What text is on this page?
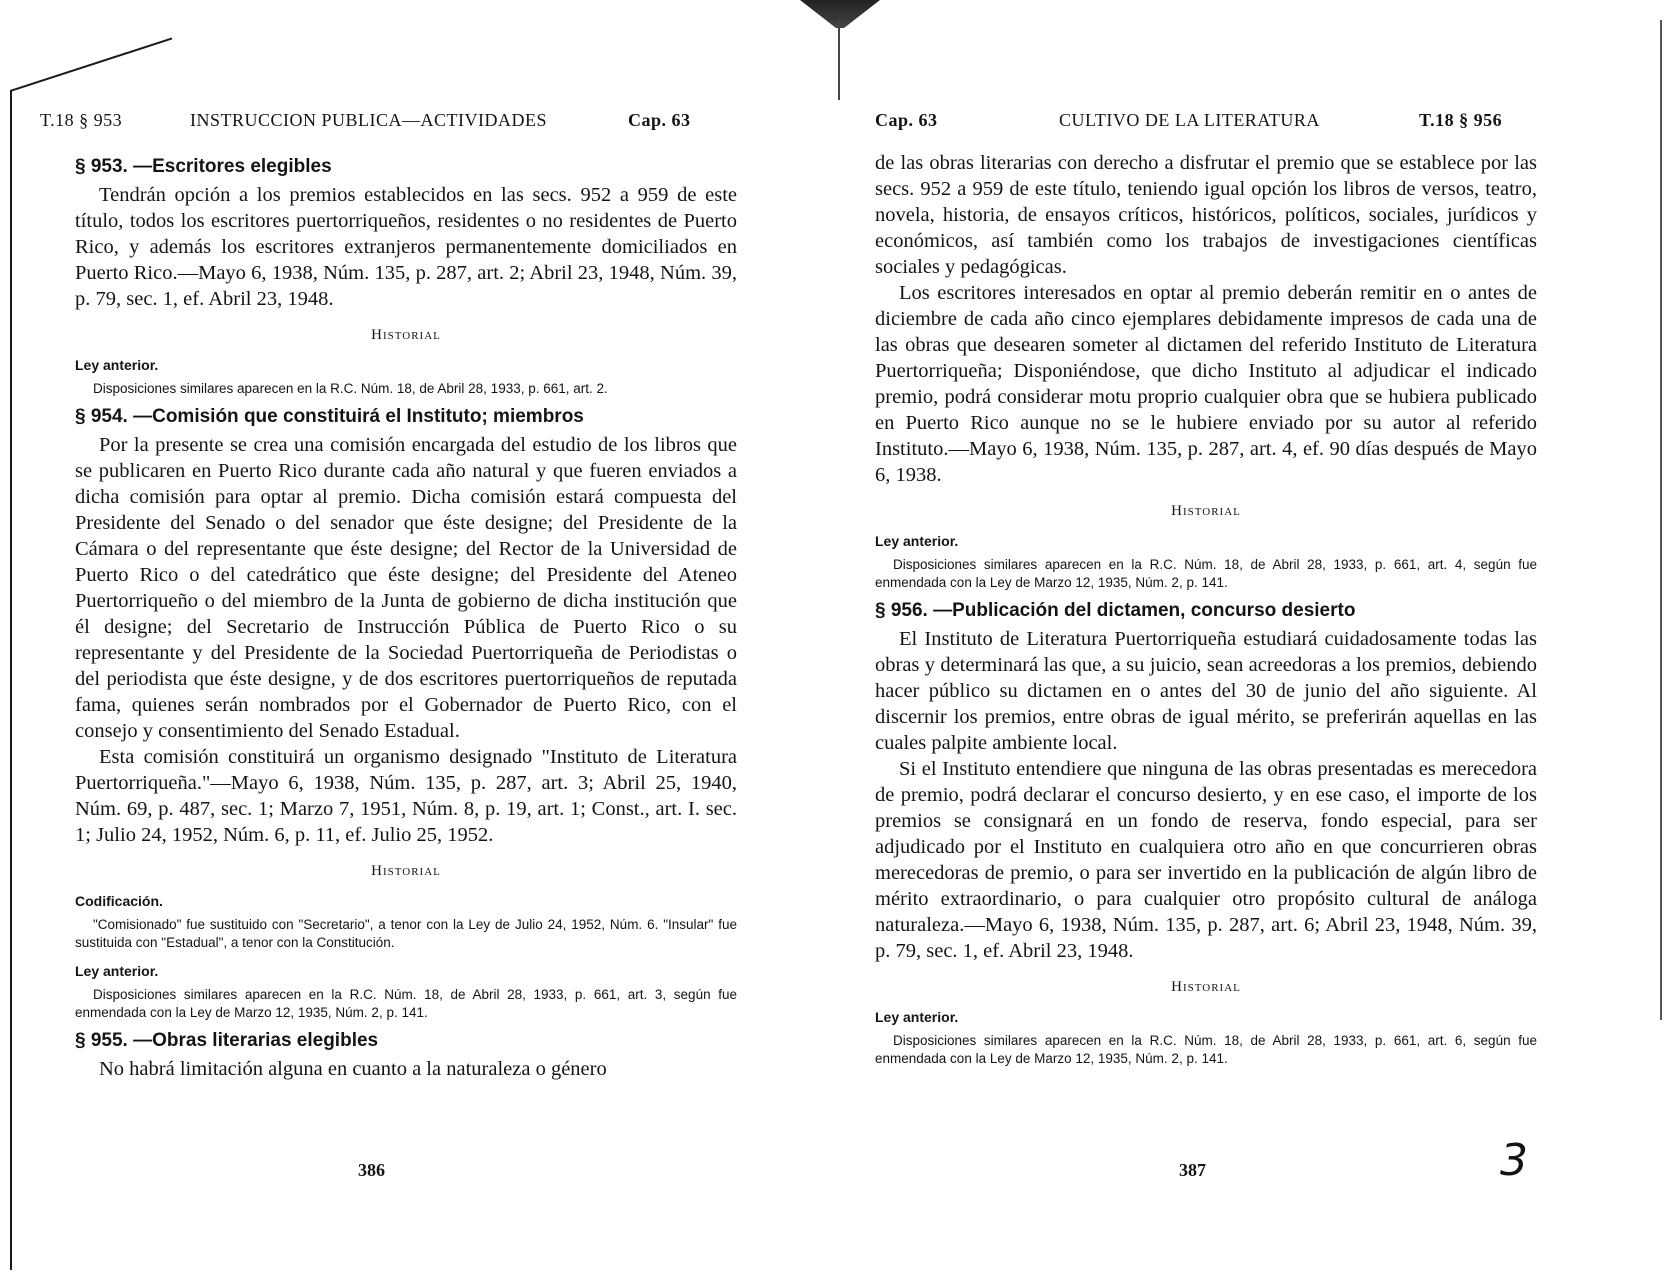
T.18 § 953	INSTRUCCION PUBLICA—ACTIVIDADES	Cap. 63
§ 953. —Escritores elegibles

Tendrán opción a los premios establecidos en las secs. 952 a 959 de este título, todos los escritores puertorriqueños, residentes o no residentes de Puerto Rico, y además los escritores extranjeros permanentemente domiciliados en Puerto Rico.—Mayo 6, 1938, Núm. 135, p. 287, art. 2; Abril 23, 1948, Núm. 39, p. 79, sec. 1, ef. Abril 23, 1948.

Historial
Ley anterior.

Disposiciones similares aparecen en la R.C. Núm. 18, de Abril 28, 1933, p. 661, art. 2.

§ 954. —Comisión que constituirá el Instituto; miembros

Por la presente se crea una comisión encargada del estudio de los libros que se publicaren en Puerto Rico durante cada año natural y que fueren enviados a dicha comisión para optar al premio. Dicha comisión estará compuesta del Presidente del Senado o del senador que éste designe; del Presidente de la Cámara o del representante que éste designe; del Rector de la Universidad de Puerto Rico o del catedrático que éste designe; del Presidente del Ateneo Puertorriqueño o del miembro de la Junta de gobierno de dicha institución que él designe; del Secretario de Instrucción Pública de Puerto Rico o su representante y del Presidente de la Sociedad Puertorriqueña de Periodistas o del periodista que éste designe, y de dos escritores puertorriqueños de reputada fama, quienes serán nombrados por el Gobernador de Puerto Rico, con el consejo y consentimiento del Senado Estadual.

Esta comisión constituirá un organismo designado "Instituto de Literatura Puertorriqueña."—Mayo 6, 1938, Núm. 135, p. 287, art. 3; Abril 25, 1940, Núm. 69, p. 487, sec. 1; Marzo 7, 1951, Núm. 8, p. 19, art. 1; Const., art. I. sec. 1; Julio 24, 1952, Núm. 6, p. 11, ef. Julio 25, 1952.

Historial
Codificación.

"Comisionado" fue sustituido con "Secretario", a tenor con la Ley de Julio 24, 1952, Núm. 6. "Insular" fue sustituida con "Estadual", a tenor con la Constitución.

Ley anterior.

Disposiciones similares aparecen en la R.C. Núm. 18, de Abril 28, 1933, p. 661, art. 3, según fue enmendada con la Ley de Marzo 12, 1935, Núm. 2, p. 141.

§ 955. —Obras literarias elegibles

No habrá limitación alguna en cuanto a la naturaleza o género

386
Cap. 63	CULTIVO DE LA LITERATURA	T.18 § 956

de las obras literarias con derecho a disfrutar el premio que se establece por las secs. 952 a 959 de este título, teniendo igual opción los libros de versos, teatro, novela, historia, de ensayos críticos, históricos, políticos, sociales, jurídicos y económicos, así también como los trabajos de investigaciones científicas sociales y pedagógicas.

Los escritores interesados en optar al premio deberán remitir en o antes de diciembre de cada año cinco ejemplares debidamente impresos de cada una de las obras que desearen someter al dictamen del referido Instituto de Literatura Puertorriqueña; Disponiéndose, que dicho Instituto al adjudicar el indicado premio, podrá considerar motu proprio cualquier obra que se hubiera publicado en Puerto Rico aunque no se le hubiere enviado por su autor al referido Instituto.—Mayo 6, 1938, Núm. 135, p. 287, art. 4, ef. 90 días después de Mayo 6, 1938.

Historial
Ley anterior.

Disposiciones similares aparecen en la R.C. Núm. 18, de Abril 28, 1933, p. 661, art. 4, según fue enmendada con la Ley de Marzo 12, 1935, Núm. 2, p. 141.

§ 956. —Publicación del dictamen, concurso desierto

El Instituto de Literatura Puertorriqueña estudiará cuidadosamente todas las obras y determinará las que, a su juicio, sean acreedoras a los premios, debiendo hacer público su dictamen en o antes del 30 de junio del año siguiente. Al discernir los premios, entre obras de igual mérito, se preferirán aquellas en las cuales palpite ambiente local.

Si el Instituto entendiere que ninguna de las obras presentadas es merecedora de premio, podrá declarar el concurso desierto, y en ese caso, el importe de los premios se consignará en un fondo de reserva, fondo especial, para ser adjudicado por el Instituto en cualquiera otro año en que concurrieren obras merecedoras de premio, o para ser invertido en la publicación de algún libro de mérito extraordinario, o para cualquier otro propósito cultural de análoga naturaleza.—Mayo 6, 1938, Núm. 135, p. 287, art. 6; Abril 23, 1948, Núm. 39, p. 79, sec. 1, ef. Abril 23, 1948.

Historial
Ley anterior.

Disposiciones similares aparecen en la R.C. Núm. 18, de Abril 28, 1933, p. 661, art. 6, según fue enmendada con la Ley de Marzo 12, 1935, Núm. 2, p. 141.

387	3
